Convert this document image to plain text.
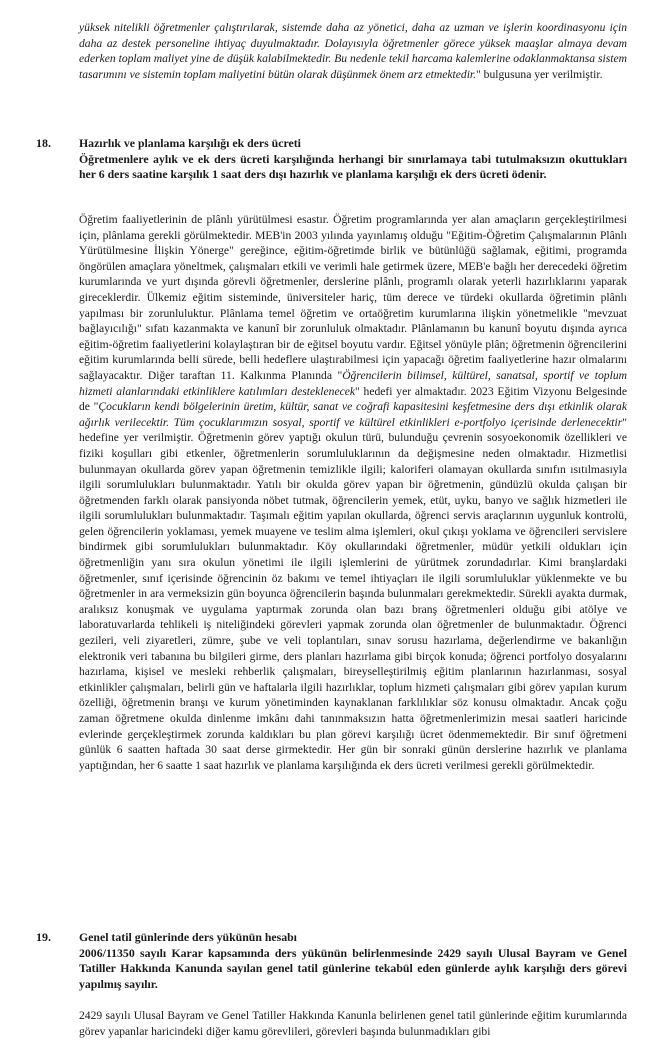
yüksek nitelikli öğretmenler çalıştırılarak, sistemde daha az yönetici, daha az uzman ve işlerin koordinasyonu için daha az destek personeline ihtiyaç duyulmaktadır. Dolayısıyla öğretmenler görece yüksek maaşlar almaya devam ederken toplam maliyet yine de düşük kalabilmektedir. Bu nedenle tekil harcama kalemlerine odaklanmaktansa sistem tasarımını ve sistemin toplam maliyetini bütün olarak düşünmek önem arz etmektedir." bulgusuna yer verilmiştir.
18. Hazırlık ve planlama karşılığı ek ders ücreti
Öğretmenlere aylık ve ek ders ücreti karşılığında herhangi bir sınırlamaya tabi tutulmaksızın okuttukları her 6 ders saatine karşılık 1 saat ders dışı hazırlık ve planlama karşılığı ek ders ücreti ödenir.
Öğretim faaliyetlerinin de plânlı yürütülmesi esastır. Öğretim programlarında yer alan amaçların gerçekleştirilmesi için, plânlama gerekli görülmektedir. MEB'in 2003 yılında yayınlamış olduğu "Eğitim-Öğretim Çalışmalarının Plânlı Yürütülmesine İlişkin Yönerge" gereğince, eğitim-öğretimde birlik ve bütünlüğü sağlamak, eğitimi, programda öngörülen amaçlara yöneltmek, çalışmaları etkili ve verimli hale getirmek üzere, MEB'e bağlı her derecedeki öğretim kurumlarında ve yurt dışında görevli öğretmenler, derslerine plânlı, programlı olarak yeterli hazırlıklarını yaparak gireceklerdir. Ülkemiz eğitim sisteminde, üniversiteler hariç, tüm derece ve türdeki okullarda öğretimin plânlı yapılması bir zorunluluktur. Plânlama temel öğretim ve ortaöğretim kurumlarına ilişkin yönetmelikle "mevzuat bağlayıcılığı" sıfatı kazanmakta ve kanunî bir zorunluluk olmaktadır. Plânlamanın bu kanunî boyutu dışında ayrıca eğitim-öğretim faaliyetlerini kolaylaştıran bir de eğitsel boyutu vardır. Eğitsel yönüyle plân; öğretmenin öğrencilerini eğitim kurumlarında belli sürede, belli hedeflere ulaştırabilmesi için yapacağı öğretim faaliyetlerine hazır olmalarını sağlayacaktır. Diğer taraftan 11. Kalkınma Planında "Öğrencilerin bilimsel, kültürel, sanatsal, sportif ve toplum hizmeti alanlarındaki etkinliklere katılımları desteklenecek" hedefi yer almaktadır. 2023 Eğitim Vizyonu Belgesinde de "Çocukların kendi bölgelerinin üretim, kültür, sanat ve coğrafi kapasitesini keşfetmesine ders dışı etkinlik olarak ağırlık verilecektir. Tüm çocuklarımızın sosyal, sportif ve kültürel etkinlikleri e-portfolyo içerisinde derlenecektir" hedefine yer verilmiştir. Öğretmenin görev yaptığı okulun türü, bulunduğu çevrenin sosyoekonomik özellikleri ve fiziki koşulları gibi etkenler, öğretmenlerin sorumluluklarının da değişmesine neden olmaktadır. Hizmetlisi bulunmayan okullarda görev yapan öğretmenin temizlikle ilgili; kaloriferi olamayan okullarda sınıfın ısıtılmasıyla ilgili sorumlulukları bulunmaktadır. Yatılı bir okulda görev yapan bir öğretmenin, gündüzlü okulda çalışan bir öğretmenden farklı olarak pansiyonda nöbet tutmak, öğrencilerin yemek, etüt, uyku, banyo ve sağlık hizmetleri ile ilgili sorumlulukları bulunmaktadır. Taşımalı eğitim yapılan okullarda, öğrenci servis araçlarının uygunluk kontrolü, gelen öğrencilerin yoklaması, yemek muayene ve teslim alma işlemleri, okul çıkışı yoklama ve öğrencileri servislere bindirmek gibi sorumlulukları bulunmaktadır. Köy okullarındaki öğretmenler, müdür yetkili oldukları için öğretmenliğin yanı sıra okulun yönetimi ile ilgili işlemlerini de yürütmek zorundadırlar. Kimi branşlardaki öğretmenler, sınıf içerisinde öğrencinin öz bakımı ve temel ihtiyaçları ile ilgili sorumluluklar yüklenmekte ve bu öğretmenler in ara vermeksizin gün boyunca öğrencilerin başında bulunmaları gerekmektedir. Sürekli ayakta durmak, aralıksız konuşmak ve uygulama yaptırmak zorunda olan bazı branş öğretmenleri olduğu gibi atölye ve laboratuvarlarda tehlikeli iş niteliğindeki görevleri yapmak zorunda olan öğretmenler de bulunmaktadır. Öğrenci gezileri, veli ziyaretleri, zümre, şube ve veli toplantıları, sınav sorusu hazırlama, değerlendirme ve bakanlığın elektronik veri tabanına bu bilgileri girme, ders planları hazırlama gibi birçok konuda; öğrenci portfolyo dosyalarını hazırlama, kişisel ve mesleki rehberlik çalışmaları, bireyselleştirilmiş eğitim planlarının hazırlanması, sosyal etkinlikler çalışmaları, belirli gün ve haftalarla ilgili hazırlıklar, toplum hizmeti çalışmaları gibi görev yapılan kurum özelliği, öğretmenin branşı ve kurum yönetiminden kaynaklanan farklılıklar söz konusu olmaktadır. Ancak çoğu zaman öğretmene okulda dinlenme imkânı dahi tanınmaksızın hatta öğretmenlerimizin mesai saatleri haricinde evlerinde gerçekleştirmek zorunda kaldıkları bu plan görevi karşılığı ücret ödenmemektedir. Bir sınıf öğretmeni günlük 6 saatten haftada 30 saat derse girmektedir. Her gün bir sonraki günün derslerine hazırlık ve planlama yaptığından, her 6 saatte 1 saat hazırlık ve planlama karşılığında ek ders ücreti verilmesi gerekli görülmektedir.
19. Genel tatil günlerinde ders yükünün hesabı
2006/11350 sayılı Karar kapsamında ders yükünün belirlenmesinde 2429 sayılı Ulusal Bayram ve Genel Tatiller Hakkında Kanunda sayılan genel tatil günlerine tekabül eden günlerde aylık karşılığı ders görevi yapılmış sayılır.
2429 sayılı Ulusal Bayram ve Genel Tatiller Hakkında Kanunla belirlenen genel tatil günlerinde eğitim kurumlarında görev yapanlar haricindeki diğer kamu görevlileri, görevleri başında bulunmadıkları gibi
